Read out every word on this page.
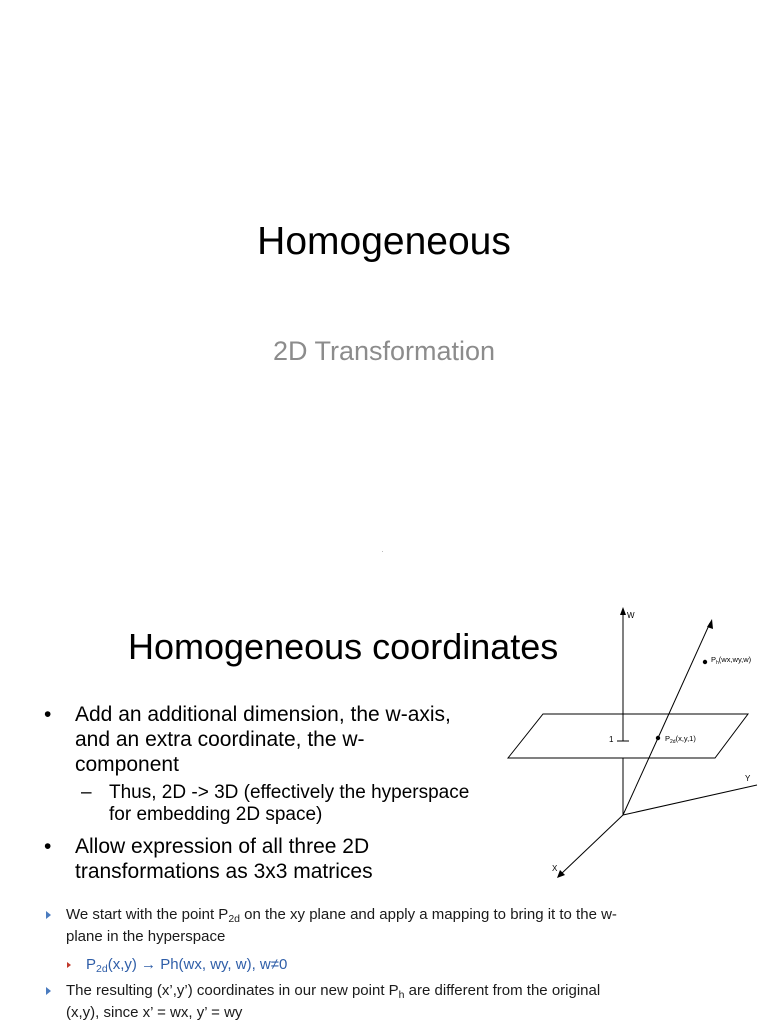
Homogeneous
2D Transformation
W
1
Y
X
$P_h(wx,wy,w)$
$P_{2d}(x,y,1)$
Homogeneous coordinates
• Add an additional dimension, the w-axis,
and an extra coordinate, the w-
component
– Thus, 2D -> 3D (effectively the hyperspace
for embedding 2D space)
• Allow expression of all three 2D
transformations as 3x3 matrices
We start with the point $P_{2d}$ on the xy plane and apply a mapping to bring it to the w-
plane in the hyperspace
$P_{2d}(x,y) \to Ph(wx$, wy, w), w≠0
The resulting (x’,y’) coordinates in our new point $P_h$ are different from the original
(x,y), since x’ = wx, y’ = wy
